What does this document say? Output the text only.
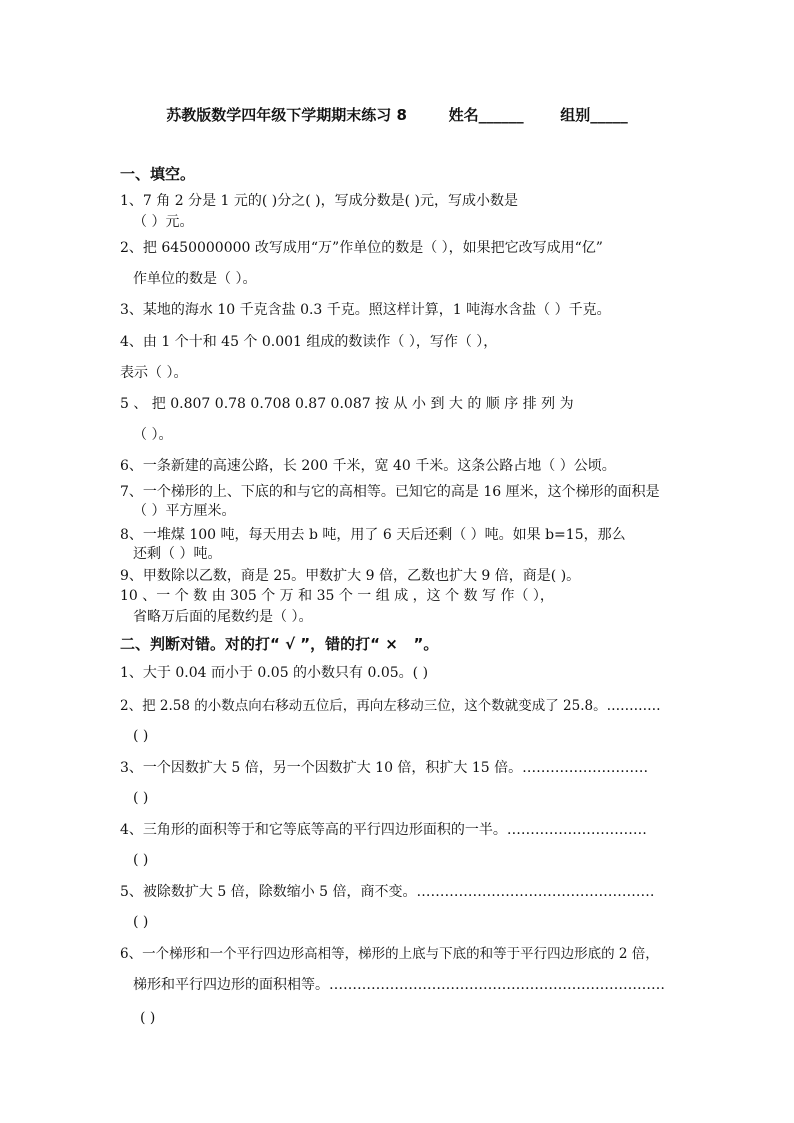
苏教版数学四年级下学期期末练习 8	姓名______ 组别_____
一、填空。
1、7 角 2 分是 1 元的( )分之( )，写成分数是( )元，写成小数是
（ ）元。
2、把 6450000000 改写成用“万”作单位的数是（ ），如果把它改写成用“亿”
作单位的数是（ ）。
3、某地的海水 10 千克含盐 0.3 千克。照这样计算，1 吨海水含盐（ ）千克。
4、由 1 个十和 45 个 0.001 组成的数读作（ ），写作（ ），
表示（ ）。
5 、 把 0.807 0.78 0.708 0.87 0.087 按 从 小 到 大 的 顺 序 排 列 为
（ ）。
6、一条新建的高速公路，长 200 千米，宽 40 千米。这条公路占地（ ）公顷。
7、一个梯形的上、下底的和与它的高相等。已知它的高是 16 厘米，这个梯形的面积是
（ ）平方厘米。
8、一堆煤 100 吨，每天用去 b 吨，用了 6 天后还剩（ ）吨。如果 b=15，那么
还剩（ ）吨。
9、甲数除以乙数，商是 25。甲数扩大 9 倍，乙数也扩大 9 倍，商是( )。
10 、一 个 数 由 305 个 万 和 35 个 一 组 成 ，这 个 数 写 作（ ），
省略万后面的尾数约是（ ）。
二、判断对错。对的打“ √ ”，错的打“ ×   ”。
1、大于 0.04 而小于 0.05 的小数只有 0.05。( )
2、把 2.58 的小数点向右移动五位后，再向左移动三位，这个数就变成了 25.8。…………
( )
3、一个因数扩大 5 倍，另一个因数扩大 10 倍，积扩大 15 倍。………………………
( )
4、三角形的面积等于和它等底等高的平行四边形面积的一半。…………………………
( )
5、被除数扩大 5 倍，除数缩小 5 倍，商不变。……………………………………………
( )
6、一个梯形和一个平行四边形高相等，梯形的上底与下底的和等于平行四边形底的 2 倍，
梯形和平行四边形的面积相等。………………………………………………………………
( )
